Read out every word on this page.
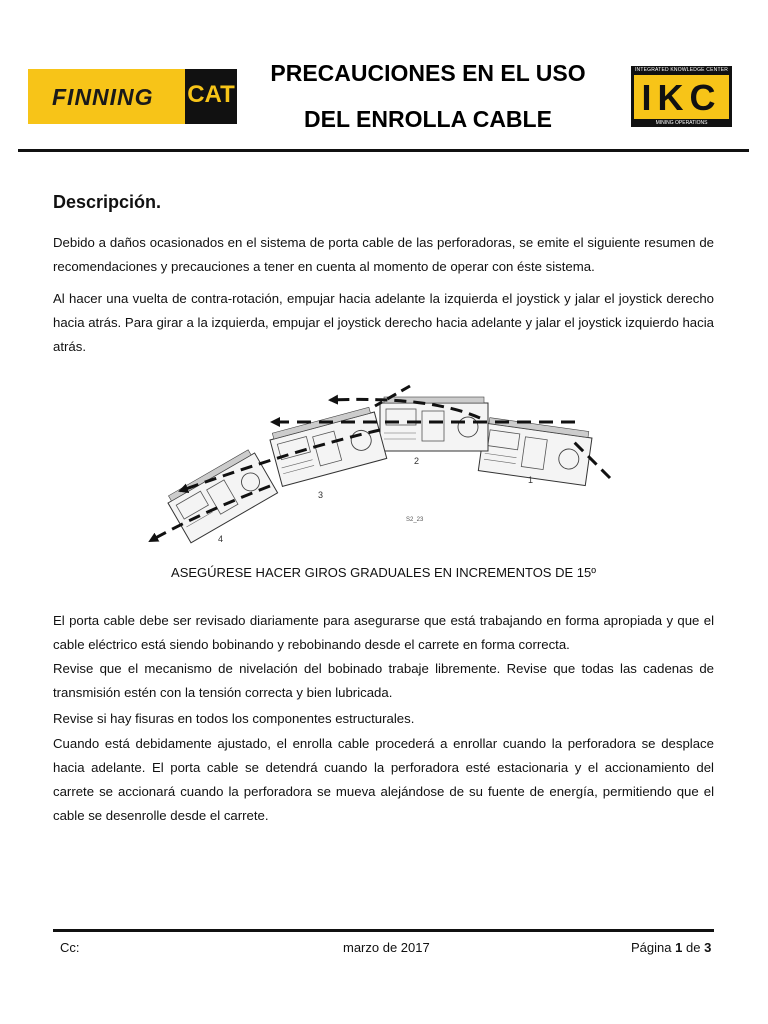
FINNING CAT
PRECAUCIONES EN EL USO
DEL ENROLLA CABLE
INTEGRATED KNOWLEDGE CENTER
IKC
MINING OPERATIONS
Descripción.
Debido a daños ocasionados en el sistema de porta cable de las perforadoras, se emite el siguiente resumen de recomendaciones y precauciones a tener en cuenta al momento de operar con éste sistema.
Al hacer una vuelta de contra-rotación, empujar hacia adelante la izquierda el joystick y jalar el joystick derecho hacia atrás. Para girar a la izquierda, empujar el joystick derecho hacia adelante y jalar el joystick izquierdo hacia atrás.
1
2
3
4
S2_23
ASEGÚRESE HACER GIROS GRADUALES EN INCREMENTOS DE 15º
El porta cable debe ser revisado diariamente para asegurarse que está trabajando en forma apropiada y que el cable eléctrico está siendo bobinando y rebobinando desde el carrete en forma correcta.
Revise que el mecanismo de nivelación del bobinado trabaje libremente. Revise que todas las cadenas de transmisión estén con la tensión correcta y bien lubricada.
Revise si hay fisuras en todos los componentes estructurales.
Cuando está debidamente ajustado, el enrolla cable procederá a enrollar cuando la perforadora se desplace hacia adelante. El porta cable se detendrá cuando la perforadora esté estacionaria y el accionamiento del carrete se accionará cuando la perforadora se mueva alejándose de su fuente de energía, permitiendo que el cable se desenrolle desde el carrete.
Cc:	marzo de 2017	Página 1 de 3
